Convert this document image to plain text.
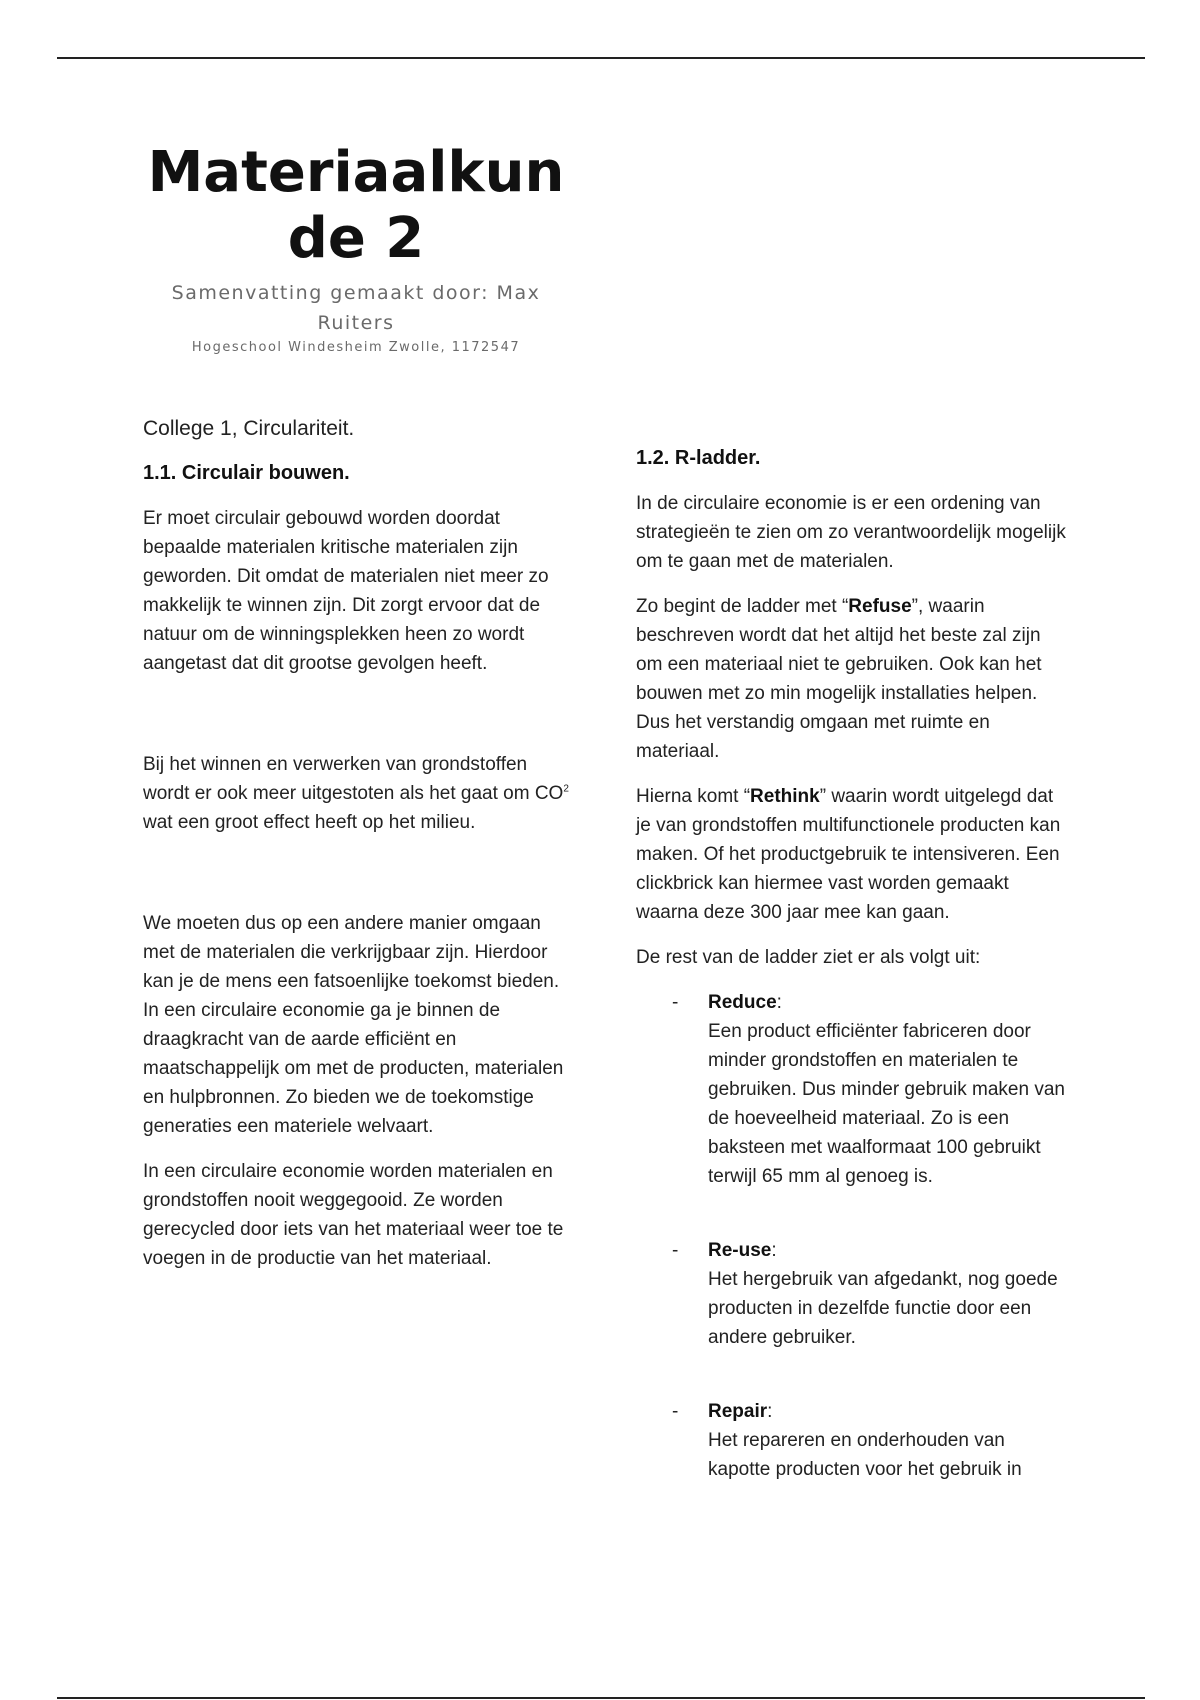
Materiaalkunde 2

Samenvatting gemaakt door: Max Ruiters

Hogeschool Windesheim Zwolle, 1172547

College 1, Circulariteit.

1.1. Circulair bouwen.

Er moet circulair gebouwd worden doordat bepaalde materialen kritische materialen zijn geworden. Dit omdat de materialen niet meer zo makkelijk te winnen zijn. Dit zorgt ervoor dat de natuur om de winningsplekken heen zo wordt aangetast dat dit grootse gevolgen heeft.

Bij het winnen en verwerken van grondstoffen wordt er ook meer uitgestoten als het gaat om $CO^2$ wat een groot effect heeft op het milieu.

We moeten dus op een andere manier omgaan met de materialen die verkrijgbaar zijn. Hierdoor kan je de mens een fatsoenlijke toekomst bieden. In een circulaire economie ga je binnen de draagkracht van de aarde efficiënt en maatschappelijk om met de producten, materialen en hulpbronnen. Zo bieden we de toekomstige generaties een materiele welvaart.

In een circulaire economie worden materialen en grondstoffen nooit weggegooid. Ze worden gerecycled door iets van het materiaal weer toe te voegen in de productie van het materiaal.

1.2. R-ladder.

In de circulaire economie is er een ordening van strategieën te zien om zo verantwoordelijk mogelijk om te gaan met de materialen.

Zo begint de ladder met “Refuse”, waarin beschreven wordt dat het altijd het beste zal zijn om een materiaal niet te gebruiken. Ook kan het bouwen met zo min mogelijk installaties helpen. Dus het verstandig omgaan met ruimte en materiaal.

Hierna komt “Rethink” waarin wordt uitgelegd dat je van grondstoffen multifunctionele producten kan maken. Of het productgebruik te intensiveren. Een clickbrick kan hiermee vast worden gemaakt waarna deze 300 jaar mee kan gaan.

De rest van de ladder ziet er als volgt uit:

- Reduce:
Een product efficiënter fabriceren door minder grondstoffen en materialen te gebruiken. Dus minder gebruik maken van de hoeveelheid materiaal. Zo is een baksteen met waalformaat 100 gebruikt terwijl 65 mm al genoeg is.
- Re-use:
Het hergebruik van afgedankt, nog goede producten in dezelfde functie door een andere gebruiker.
- Repair:
Het repareren en onderhouden van kapotte producten voor het gebruik in
